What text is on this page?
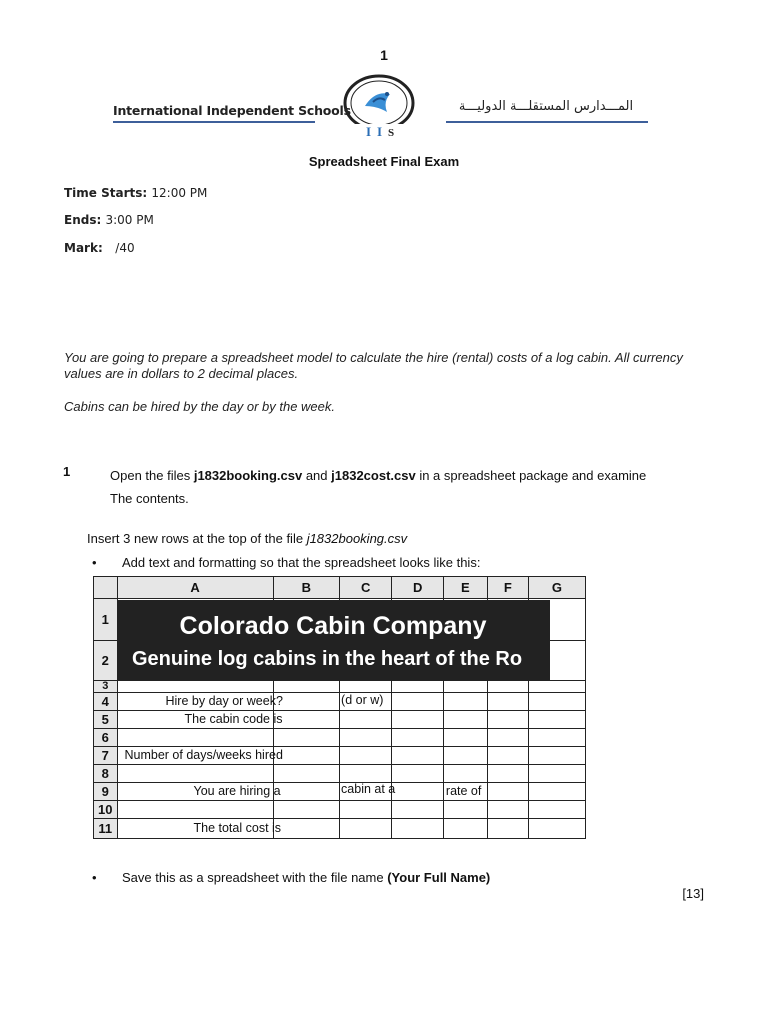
1
International Independent Schools
Ι Ι S
المـــدارس المستقلـــة الدوليـــة
Spreadsheet Final Exam
Time Starts: 12:00 PM
Ends: 3:00 PM
Mark: /40
You are going to prepare a spreadsheet model to calculate the hire (rental) costs of a log cabin. All currency values are in dollars to 2 decimal places.
Cabins can be hired by the day or by the week.
1	Open the files j1832booking.csv and j1832cost.csv in a spreadsheet package and examine
The contents.
Insert 3 new rows at the top of the file j1832booking.csv
• Add text and formatting so that the spreadsheet looks like this:
	A	B	C	D	E	F	G
1							
2							
3							
4	Hire by day or week?		(d or w)				

5	The cabin code is						

6							
7	Number of days/weeks hired						

8							
9	You are hiring a		cabin at a		rate of		

10							
11	The total cost is						

Colorado Cabin Company
Genuine log cabins in the heart of the Ro
• Save this as a spreadsheet with the file name (Your Full Name)
[13]
